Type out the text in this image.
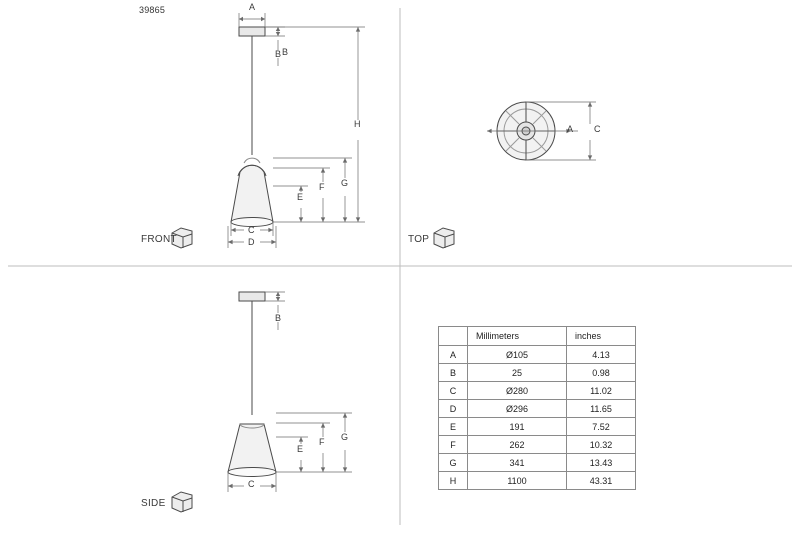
B
39865
FRONT	TOP
SIDE
A
B
H
G
F
E
C
D
A C
B
G
F
E
C
	Millimeters	inches
A	Ø105	4.13
B	25	0.98
C	Ø280	11.02
D	Ø296	11.65
E	191	7.52
F	262	10.32
G	341	13.43
H	1100	43.31
